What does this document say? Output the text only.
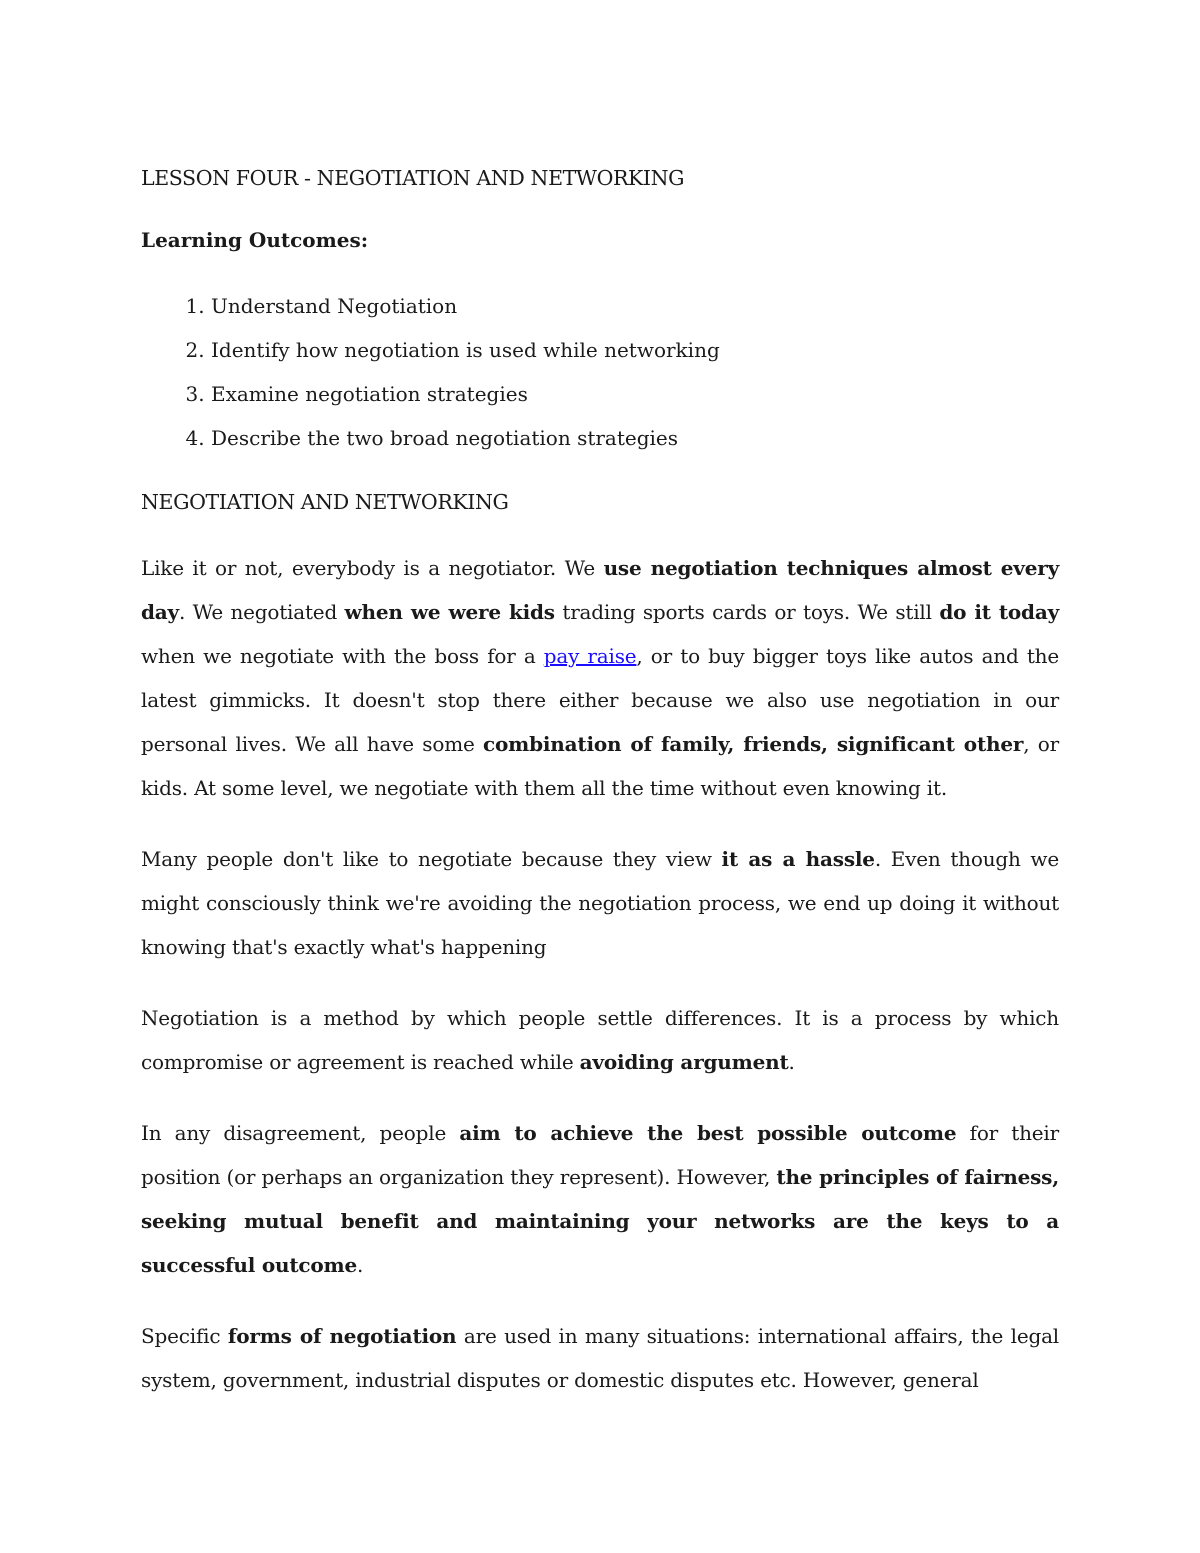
LESSON FOUR - NEGOTIATION AND NETWORKING
Learning Outcomes:
1. Understand Negotiation
2. Identify how negotiation is used while networking
3. Examine negotiation strategies
4. Describe the two broad negotiation strategies
NEGOTIATION AND NETWORKING

Like it or not, everybody is a negotiator. We use negotiation techniques almost every day. We negotiated when we were kids trading sports cards or toys. We still do it today when we negotiate with the boss for a pay raise, or to buy bigger toys like autos and the latest gimmicks. It doesn't stop there either because we also use negotiation in our personal lives. We all have some combination of family, friends, significant other, or kids. At some level, we negotiate with them all the time without even knowing it.

Many people don't like to negotiate because they view it as a hassle. Even though we might consciously think we're avoiding the negotiation process, we end up doing it without knowing that's exactly what's happening

Negotiation is a method by which people settle differences. It is a process by which compromise or agreement is reached while avoiding argument.

In any disagreement, people aim to achieve the best possible outcome for their position (or perhaps an organization they represent). However, the principles of fairness, seeking mutual benefit and maintaining your networks are the keys to a successful outcome.

Specific forms of negotiation are used in many situations: international affairs, the legal system, government, industrial disputes or domestic disputes etc. However, general
